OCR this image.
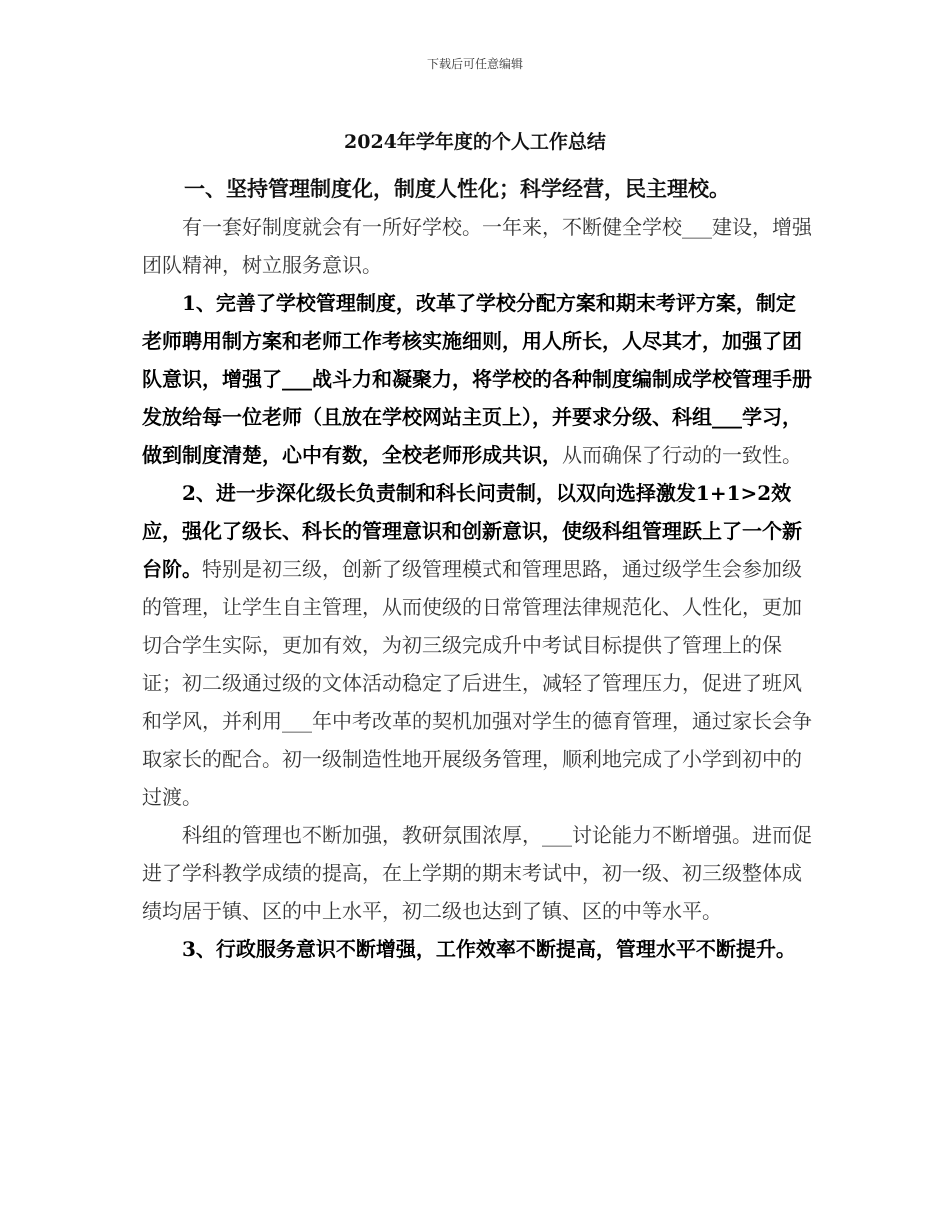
下载后可任意编辑
2024年学年度的个人工作总结

一、坚持管理制度化，制度人性化；科学经营，民主理校。

有一套好制度就会有一所好学校。一年来，不断健全学校___建设，增强团队精神，树立服务意识。

1、完善了学校管理制度，改革了学校分配方案和期末考评方案，制定老师聘用制方案和老师工作考核实施细则，用人所长，人尽其才，加强了团队意识，增强了___战斗力和凝聚力，将学校的各种制度编制成学校管理手册发放给每一位老师（且放在学校网站主页上），并要求分级、科组___学习，做到制度清楚，心中有数，全校老师形成共识，从而确保了行动的一致性。

2、进一步深化级长负责制和科长问责制，以双向选择激发1+1>2效应，强化了级长、科长的管理意识和创新意识，使级科组管理跃上了一个新台阶。特别是初三级，创新了级管理模式和管理思路，通过级学生会参加级的管理，让学生自主管理，从而使级的日常管理法律规范化、人性化，更加切合学生实际，更加有效，为初三级完成升中考试目标提供了管理上的保证；初二级通过级的文体活动稳定了后进生，减轻了管理压力，促进了班风和学风，并利用___年中考改革的契机加强对学生的德育管理，通过家长会争取家长的配合。初一级制造性地开展级务管理，顺利地完成了小学到初中的过渡。

科组的管理也不断加强，教研氛围浓厚，___讨论能力不断增强。进而促进了学科教学成绩的提高，在上学期的期末考试中，初一级、初三级整体成绩均居于镇、区的中上水平，初二级也达到了镇、区的中等水平。

3、行政服务意识不断增强，工作效率不断提高，管理水平不断提升。
